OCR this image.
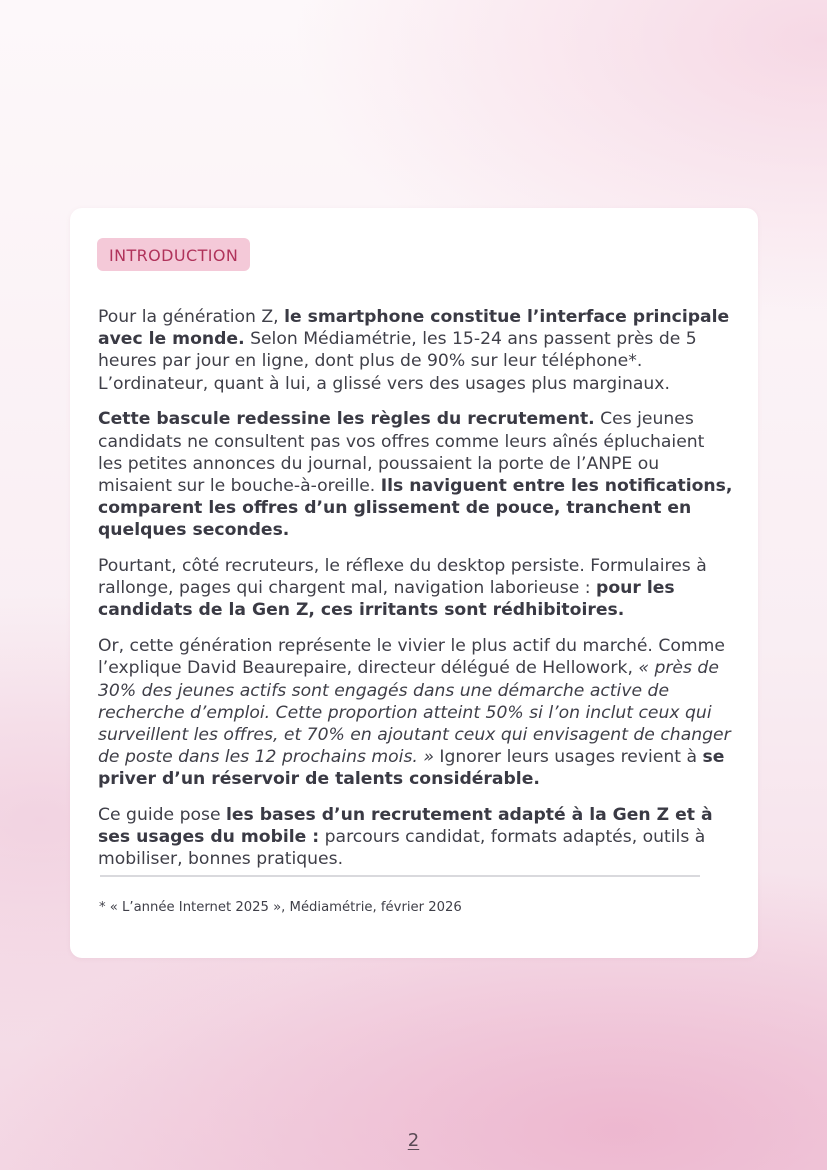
INTRODUCTION

Pour la génération Z, le smartphone constitue l’interface principale avec le monde. Selon Médiamétrie, les 15-24 ans passent près de 5 heures par jour en ligne, dont plus de 90% sur leur téléphone*. L’ordinateur, quant à lui, a glissé vers des usages plus marginaux.

Cette bascule redessine les règles du recrutement. Ces jeunes candidats ne consultent pas vos offres comme leurs aînés épluchaient les petites annonces du journal, poussaient la porte de l’ANPE ou misaient sur le bouche-à-oreille. Ils naviguent entre les notifications, comparent les offres d’un glissement de pouce, tranchent en quelques secondes.

Pourtant, côté recruteurs, le réflexe du desktop persiste. Formulaires à rallonge, pages qui chargent mal, navigation laborieuse : pour les candidats de la Gen Z, ces irritants sont rédhibitoires.

Or, cette génération représente le vivier le plus actif du marché. Comme l’explique David Beaurepaire, directeur délégué de Hellowork, « près de 30% des jeunes actifs sont engagés dans une démarche active de recherche d’emploi. Cette proportion atteint 50% si l’on inclut ceux qui surveillent les offres, et 70% en ajoutant ceux qui envisagent de changer de poste dans les 12 prochains mois. » Ignorer leurs usages revient à se priver d’un réservoir de talents considérable.

Ce guide pose les bases d’un recrutement adapté à la Gen Z et à ses usages du mobile : parcours candidat, formats adaptés, outils à mobiliser, bonnes pratiques.

* « L’année Internet 2025 », Médiamétrie, février 2026
2
